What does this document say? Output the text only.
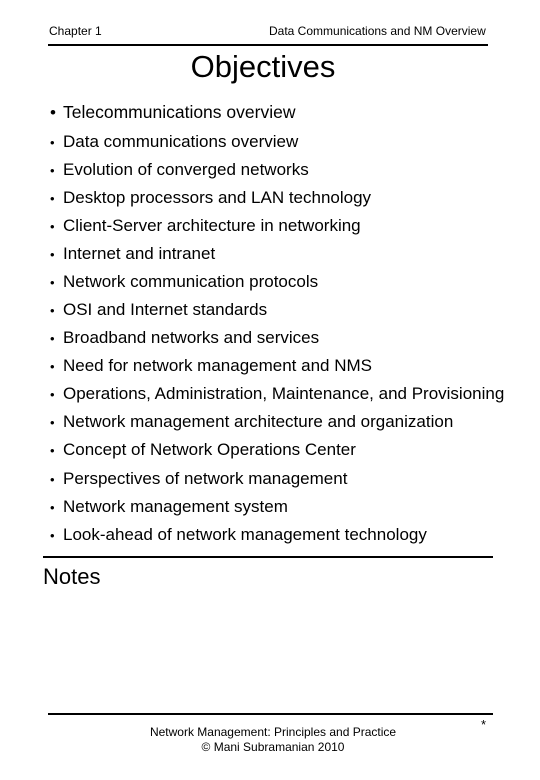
Chapter 1	Data Communications and NM Overview
Objectives
• Telecommunications overview
• Data communications overview
• Evolution of converged networks
• Desktop processors and LAN technology
• Client-Server architecture in networking
• Internet and intranet
• Network communication protocols
• OSI and Internet standards
• Broadband networks and services
• Need for network management and NMS
• Operations, Administration, Maintenance, and Provisioning
• Network management architecture and organization
• Concept of Network Operations Center
• Perspectives of network management
• Network management system
• Look-ahead of network management technology
Notes
Network Management: Principles and Practice
© Mani Subramanian 2010
*
